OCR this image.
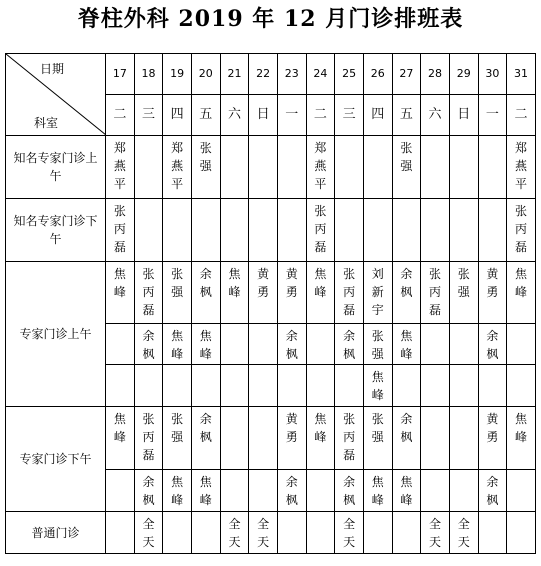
脊柱外科 2019 年 12 月门诊排班表
日期
科室	17	18	19	20	21	22	23	24	25	26	27	28	29	30	31
	二	三	四	五	六	日	一	二	三	四	五	六	日	一	二
知名专家门诊上午	郑燕平		郑燕平	张强				郑燕平			张强				郑燕平
知名专家门诊下午	张丙磊							张丙磊							张丙磊
专家门诊上午	焦峰	张丙磊	张强	余枫	焦峰	黄勇	黄勇	焦峰	张丙磊	刘新宇	余枫	张丙磊	张强	黄勇	焦峰
		余枫	焦峰	焦峰			余枫		余枫	张强	焦峰			余枫	
										焦峰					
专家门诊下午	焦峰	张丙磊	张强	余枫			黄勇	焦峰	张丙磊	张强	余枫			黄勇	焦峰
		余枫	焦峰	焦峰			余枫		余枫	焦峰	焦峰			余枫	
普通门诊		全天			全天	全天			全天			全天	全天		
